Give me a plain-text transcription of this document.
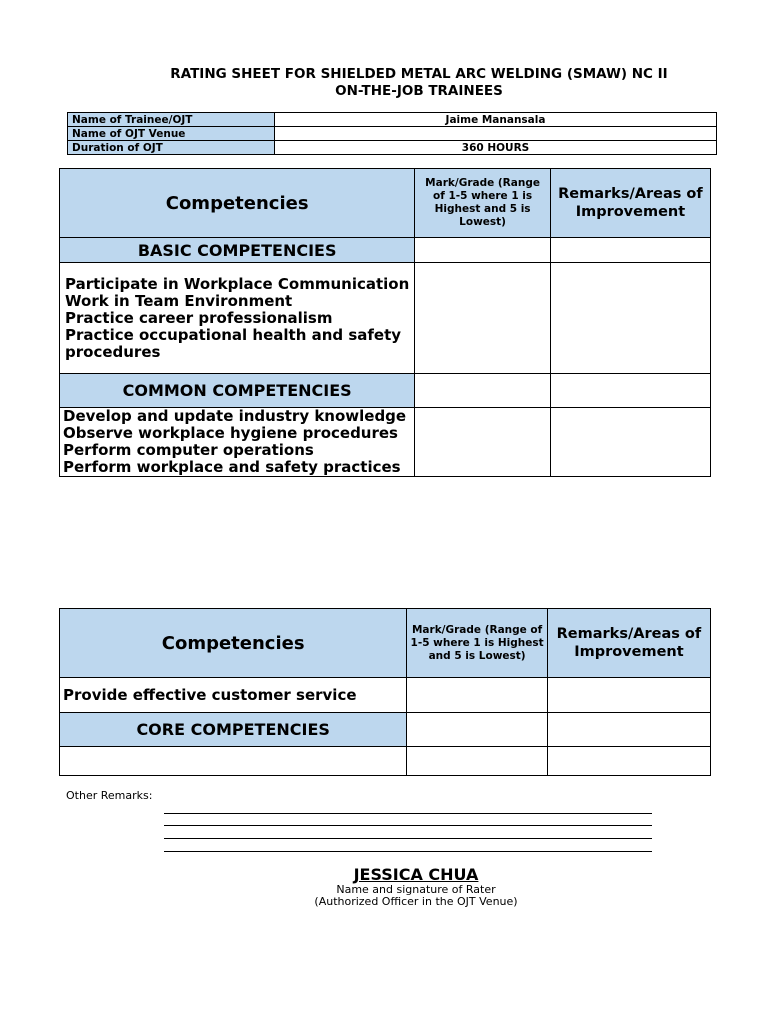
RATING SHEET FOR SHIELDED METAL ARC WELDING (SMAW) NC II
ON-THE-JOB TRAINEES
Name of Trainee/OJT	Jaime Manansala
Name of OJT Venue	
Duration of OJT	360 HOURS
Competencies	Mark/Grade (Range of 1-5 where 1 is Highest and 5 is Lowest)	Remarks/Areas of Improvement
BASIC COMPETENCIES		

Participate in Workplace Communication
Work in Team Environment
Practice career professionalism
Practice occupational health and safety procedures		

COMMON COMPETENCIES		

Develop and update industry knowledge
Observe workplace hygiene procedures
Perform computer operations
Perform workplace and safety practices		

Competencies	Mark/Grade (Range of 1-5 where 1 is Highest and 5 is Lowest)	Remarks/Areas of Improvement
Provide effective customer service		
CORE COMPETENCIES		

Other Remarks:
JESSICA CHUA
Name and signature of Rater
(Authorized Officer in the OJT Venue)
